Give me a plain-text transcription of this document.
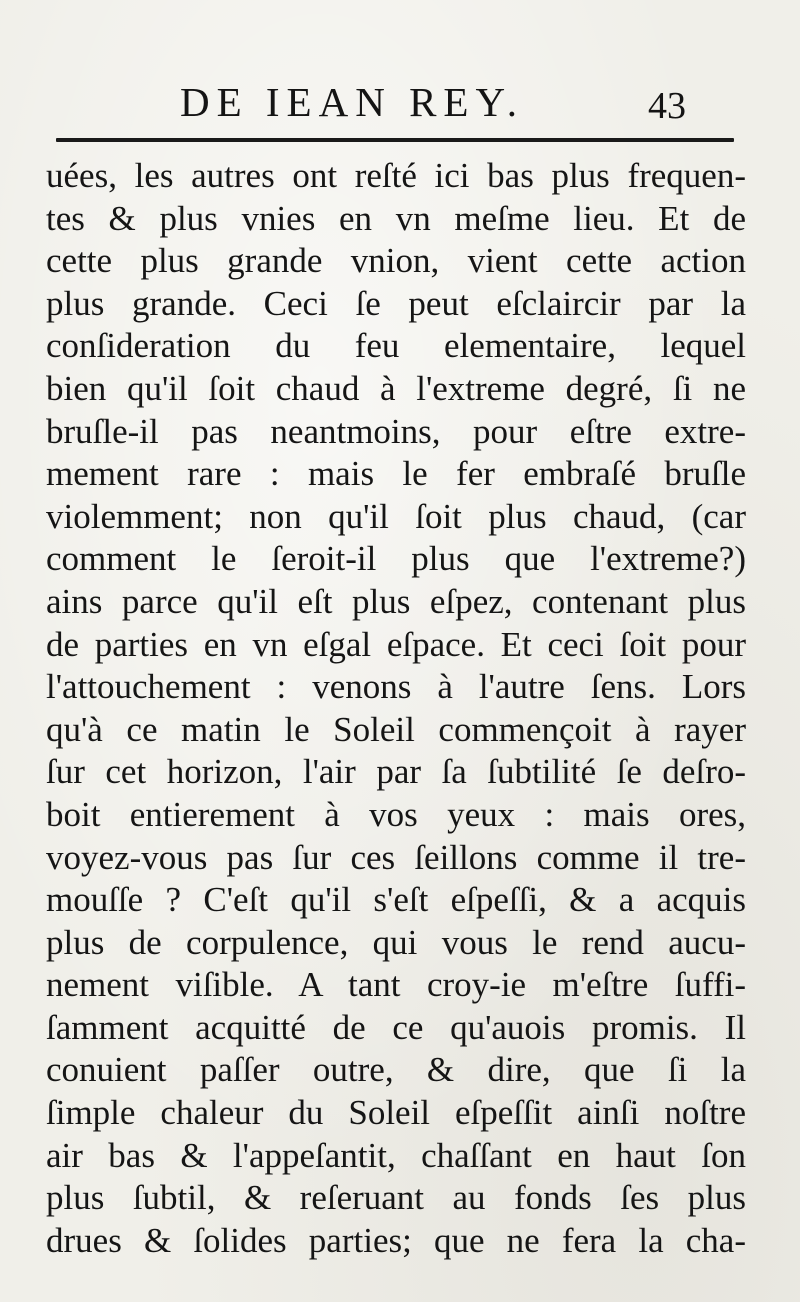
DE IEAN REY.	43
uées, les autres ont reſté ici bas plus frequen-
tes & plus vnies en vn meſme lieu. Et de
cette plus grande vnion, vient cette action
plus grande. Ceci ſe peut eſclaircir par la
conſideration du feu elementaire, lequel
bien qu'il ſoit chaud à l'extreme degré, ſi ne
bruſle-il pas neantmoins, pour eſtre extre-
mement rare : mais le fer embraſé bruſle
violemment; non qu'il ſoit plus chaud, (car
comment le ſeroit-il plus que l'extreme?)
ains parce qu'il eſt plus eſpez, contenant plus
de parties en vn eſgal eſpace. Et ceci ſoit pour
l'attouchement : venons à l'autre ſens. Lors
qu'à ce matin le Soleil commençoit à rayer
ſur cet horizon, l'air par ſa ſubtilité ſe deſro-
boit entierement à vos yeux : mais ores,
voyez-vous pas ſur ces ſeillons comme il tre-
mouſſe ? C'eſt qu'il s'eſt eſpeſſi, & a acquis
plus de corpulence, qui vous le rend aucu-
nement viſible. A tant croy-ie m'eſtre ſuffi-
ſamment acquitté de ce qu'auois promis. Il
conuient paſſer outre, & dire, que ſi la
ſimple chaleur du Soleil eſpeſſit ainſi noſtre
air bas & l'appeſantit, chaſſant en haut ſon
plus ſubtil, & reſeruant au fonds ſes plus
drues & ſolides parties; que ne fera la cha-
